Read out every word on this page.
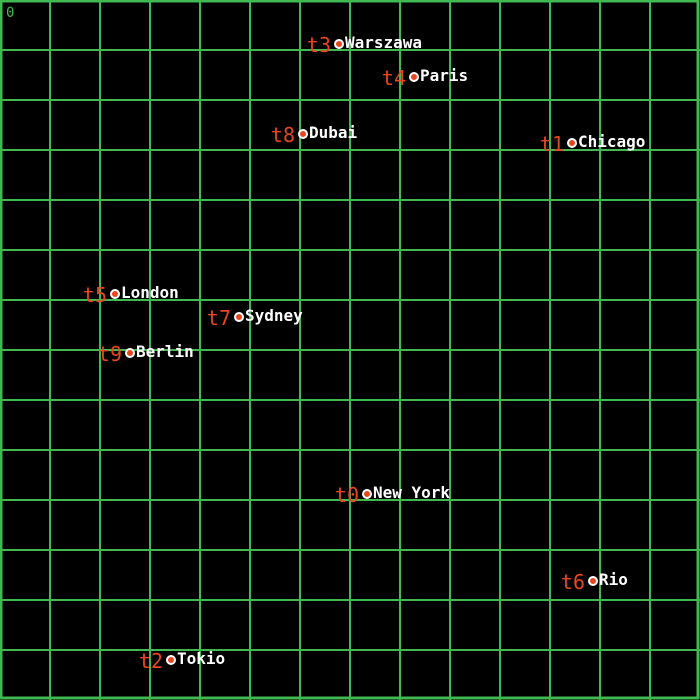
0
t3 Warszawa
t4 Paris
t8 Dubai	t1 Chicago
t5 London
t7 Sydney
t9 Berlin
t0 New York
t6 Rio
t2 Tokio
